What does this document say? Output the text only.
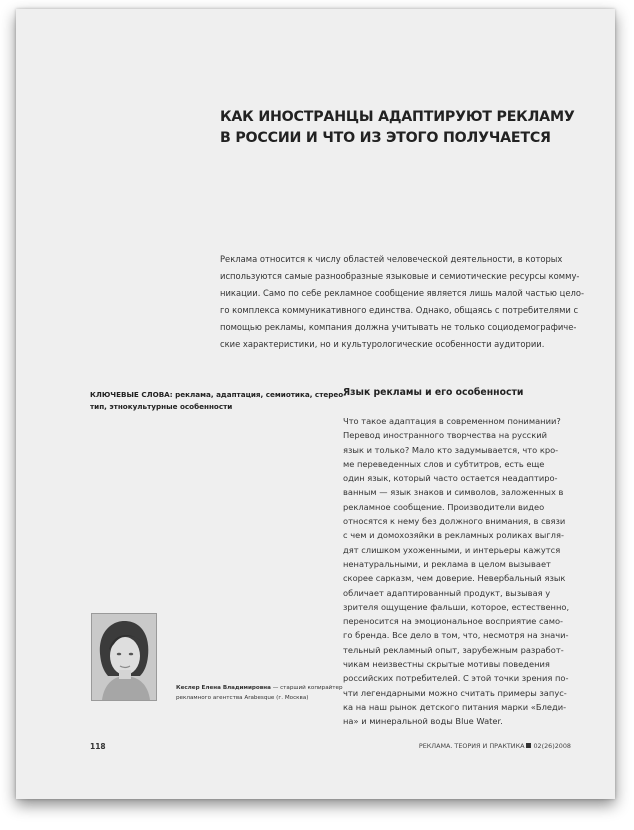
КАК ИНОСТРАНЦЫ АДАПТИРУЮТ РЕКЛАМУ
В РОССИИ И ЧТО ИЗ ЭТОГО ПОЛУЧАЕТСЯ

Реклама относится к числу областей человеческой деятельности, в которых
используются самые разнообразные языковые и семиотические ресурсы комму-
никации. Само по себе рекламное сообщение является лишь малой частью цело-
го комплекса коммуникативного единства. Однако, общаясь с потребителями с
помощью рекламы, компания должна учитывать не только социодемографиче-
ские характеристики, но и культурологические особенности аудитории.

КЛЮЧЕВЫЕ СЛОВА: реклама, адаптация, семиотика, стерео-
тип, этнокультурные особенности

Язык рекламы и его особенности

Что такое адаптация в современном понимании?
Перевод иностранного творчества на русский
язык и только? Мало кто задумывается, что кро-
ме переведенных слов и субтитров, есть еще
один язык, который часто остается неадаптиро-
ванным — язык знаков и символов, заложенных в
рекламное сообщение. Производители видео
относятся к нему без должного внимания, в связи
с чем и домохозяйки в рекламных роликах выгля-
дят слишком ухоженными, и интерьеры кажутся
ненатуральными, и реклама в целом вызывает
скорее сарказм, чем доверие. Невербальный язык
обличает адаптированный продукт, вызывая у
зрителя ощущение фальши, которое, естественно,
переносится на эмоциональное восприятие само-
го бренда. Все дело в том, что, несмотря на значи-
тельный рекламный опыт, зарубежным разработ-
чикам неизвестны скрытые мотивы поведения
российских потребителей. С этой точки зрения по-
чти легендарными можно считать примеры запус-
ка на наш рынок детского питания марки «Бледи-
на» и минеральной воды Blue Water.

Кеслер Елена Владимировна — старший копирайтер
рекламного агентства Arabesque (г. Москва)

118	РЕКЛАМА. ТЕОРИЯ И ПРАКТИКА 02(26)2008
